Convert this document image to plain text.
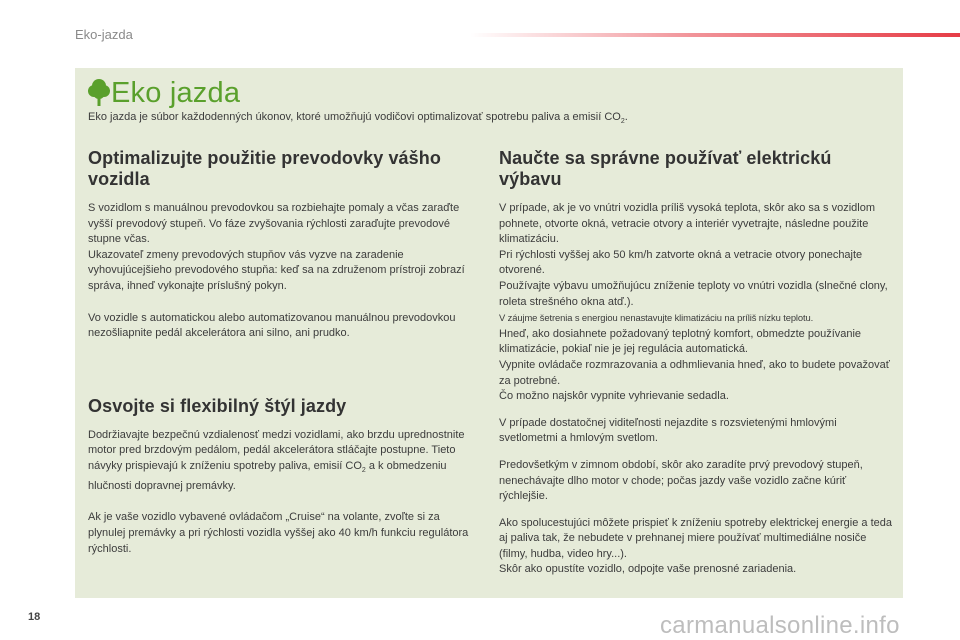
Eko-jazda
Eko jazda
Eko jazda je súbor každodenných úkonov, ktoré umožňujú vodičovi optimalizovať spotrebu paliva a emisií $CO_2$.
Optimalizujte použitie prevodovky vášho vozidla

S vozidlom s manuálnou prevodovkou sa rozbiehajte pomaly a včas zaraďte vyšší prevodový stupeň. Vo fáze zvyšovania rýchlosti zaraďujte prevodové stupne včas.
Ukazovateľ zmeny prevodových stupňov vás vyzve na zaradenie vyhovujúcejšieho prevodového stupňa: keď sa na združenom prístroji zobrazí správa, ihneď vykonajte príslušný pokyn.

Vo vozidle s automatickou alebo automatizovanou manuálnou prevodovkou nezošliapnite pedál akcelerátora ani silno, ani prudko.

Osvojte si flexibilný štýl jazdy

Dodržiavajte bezpečnú vzdialenosť medzi vozidlami, ako brzdu uprednostnite motor pred brzdovým pedálom, pedál akcelerátora stláčajte postupne. Tieto návyky prispievajú k zníženiu spotreby paliva, emisií $CO_2$ a k obmedzeniu hlučnosti dopravnej premávky.

Ak je vaše vozidlo vybavené ovládačom „Cruise“ na volante, zvoľte si za plynulej premávky a pri rýchlosti vozidla vyššej ako 40 km/h funkciu regulátora rýchlosti.

Naučte sa správne používať elektrickú výbavu

V prípade, ak je vo vnútri vozidla príliš vysoká teplota, skôr ako sa s vozidlom pohnete, otvorte okná, vetracie otvory a interiér vyvetrajte, následne použite klimatizáciu.
Pri rýchlosti vyššej ako 50 km/h zatvorte okná a vetracie otvory ponechajte otvorené.
Používajte výbavu umožňujúcu zníženie teploty vo vnútri vozidla (slnečné clony, roleta strešného okna atď.).
V záujme šetrenia s energiou nenastavujte klimatizáciu na príliš nízku teplotu.
Hneď, ako dosiahnete požadovaný teplotný komfort, obmedzte používanie klimatizácie, pokiaľ nie je jej regulácia automatická.
Vypnite ovládače rozmrazovania a odhmlievania hneď, ako to budete považovať za potrebné.
Čo možno najskôr vypnite vyhrievanie sedadla.

V prípade dostatočnej viditeľnosti nejazdite s rozsvietenými hmlovými svetlometmi a hmlovým svetlom.

Predovšetkým v zimnom období, skôr ako zaradíte prvý prevodový stupeň, nenechávajte dlho motor v chode; počas jazdy vaše vozidlo začne kúriť rýchlejšie.

Ako spolucestujúci môžete prispieť k zníženiu spotreby elektrickej energie a teda aj paliva tak, že nebudete v prehnanej miere používať multimediálne nosiče (filmy, hudba, video hry...).
Skôr ako opustíte vozidlo, odpojte vaše prenosné zariadenia.

18	carmanualsonline.info
